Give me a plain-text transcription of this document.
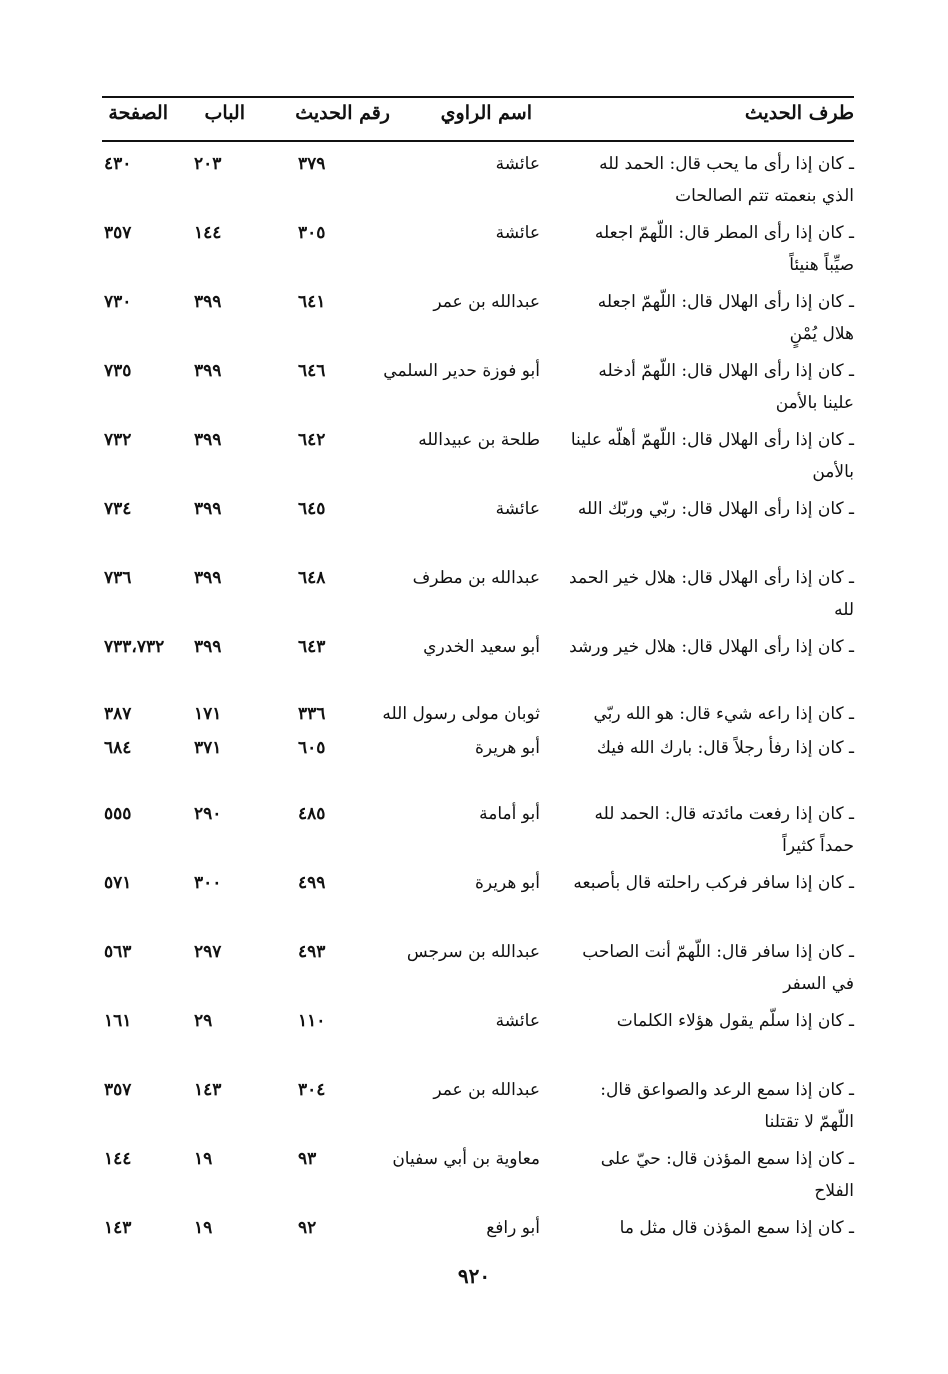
طرف الحديث
اسم الراوي
رقم الحديث
الباب
الصفحة
ـ كان إذا رأى ما يحب قال: الحمد لله الذي بنعمته تتم الصالحات
عائشة
٣٧٩
٢٠٣
٤٣٠
ـ كان إذا رأى المطر قال: اللّهمّ اجعله صيِّباً هنيئاً
عائشة
٣٠٥
١٤٤
٣٥٧
ـ كان إذا رأى الهلال قال: اللّهمّ اجعله هلال يُمْنٍ
عبدالله بن عمر
٦٤١
٣٩٩
٧٣٠
ـ كان إذا رأى الهلال قال: اللّهمّ أدخله علينا بالأمن
أبو فوزة حدير السلمي
٦٤٦
٣٩٩
٧٣٥
ـ كان إذا رأى الهلال قال: اللّهمّ أهلّه علينا بالأمن
طلحة بن عبيدالله
٦٤٢
٣٩٩
٧٣٢
ـ كان إذا رأى الهلال قال: ربّي وربّك الله
عائشة
٦٤٥
٣٩٩
٧٣٤
ـ كان إذا رأى الهلال قال: هلال خير الحمد لله
عبدالله بن مطرف
٦٤٨
٣٩٩
٧٣٦
ـ كان إذا رأى الهلال قال: هلال خير ورشد
أبو سعيد الخدري
٦٤٣
٣٩٩
٧٣٣،٧٣٢
ـ كان إذا راعه شيء قال: هو الله ربّي
ثوبان مولى رسول الله
٣٣٦
١٧١
٣٨٧
ـ كان إذا رفأ رجلاً قال: بارك الله فيك
أبو هريرة
٦٠٥
٣٧١
٦٨٤
ـ كان إذا رفعت مائدته قال: الحمد لله حمداً كثيراً
أبو أمامة
٤٨٥
٢٩٠
٥٥٥
ـ كان إذا سافر فركب راحلته قال بأصبعه
أبو هريرة
٤٩٩
٣٠٠
٥٧١
ـ كان إذا سافر قال: اللّهمّ أنت الصاحب في السفر
عبدالله بن سرجس
٤٩٣
٢٩٧
٥٦٣
ـ كان إذا سلّم يقول هؤلاء الكلمات
عائشة
١١٠
٢٩
١٦١
ـ كان إذا سمع الرعد والصواعق قال: اللّهمّ لا تقتلنا
عبدالله بن عمر
٣٠٤
١٤٣
٣٥٧
ـ كان إذا سمع المؤذن قال: حيّ على الفلاح
معاوية بن أبي سفيان
٩٣
١٩
١٤٤
ـ كان إذا سمع المؤذن قال مثل ما
أبو رافع
٩٢
١٩
١٤٣
٩٢٠
